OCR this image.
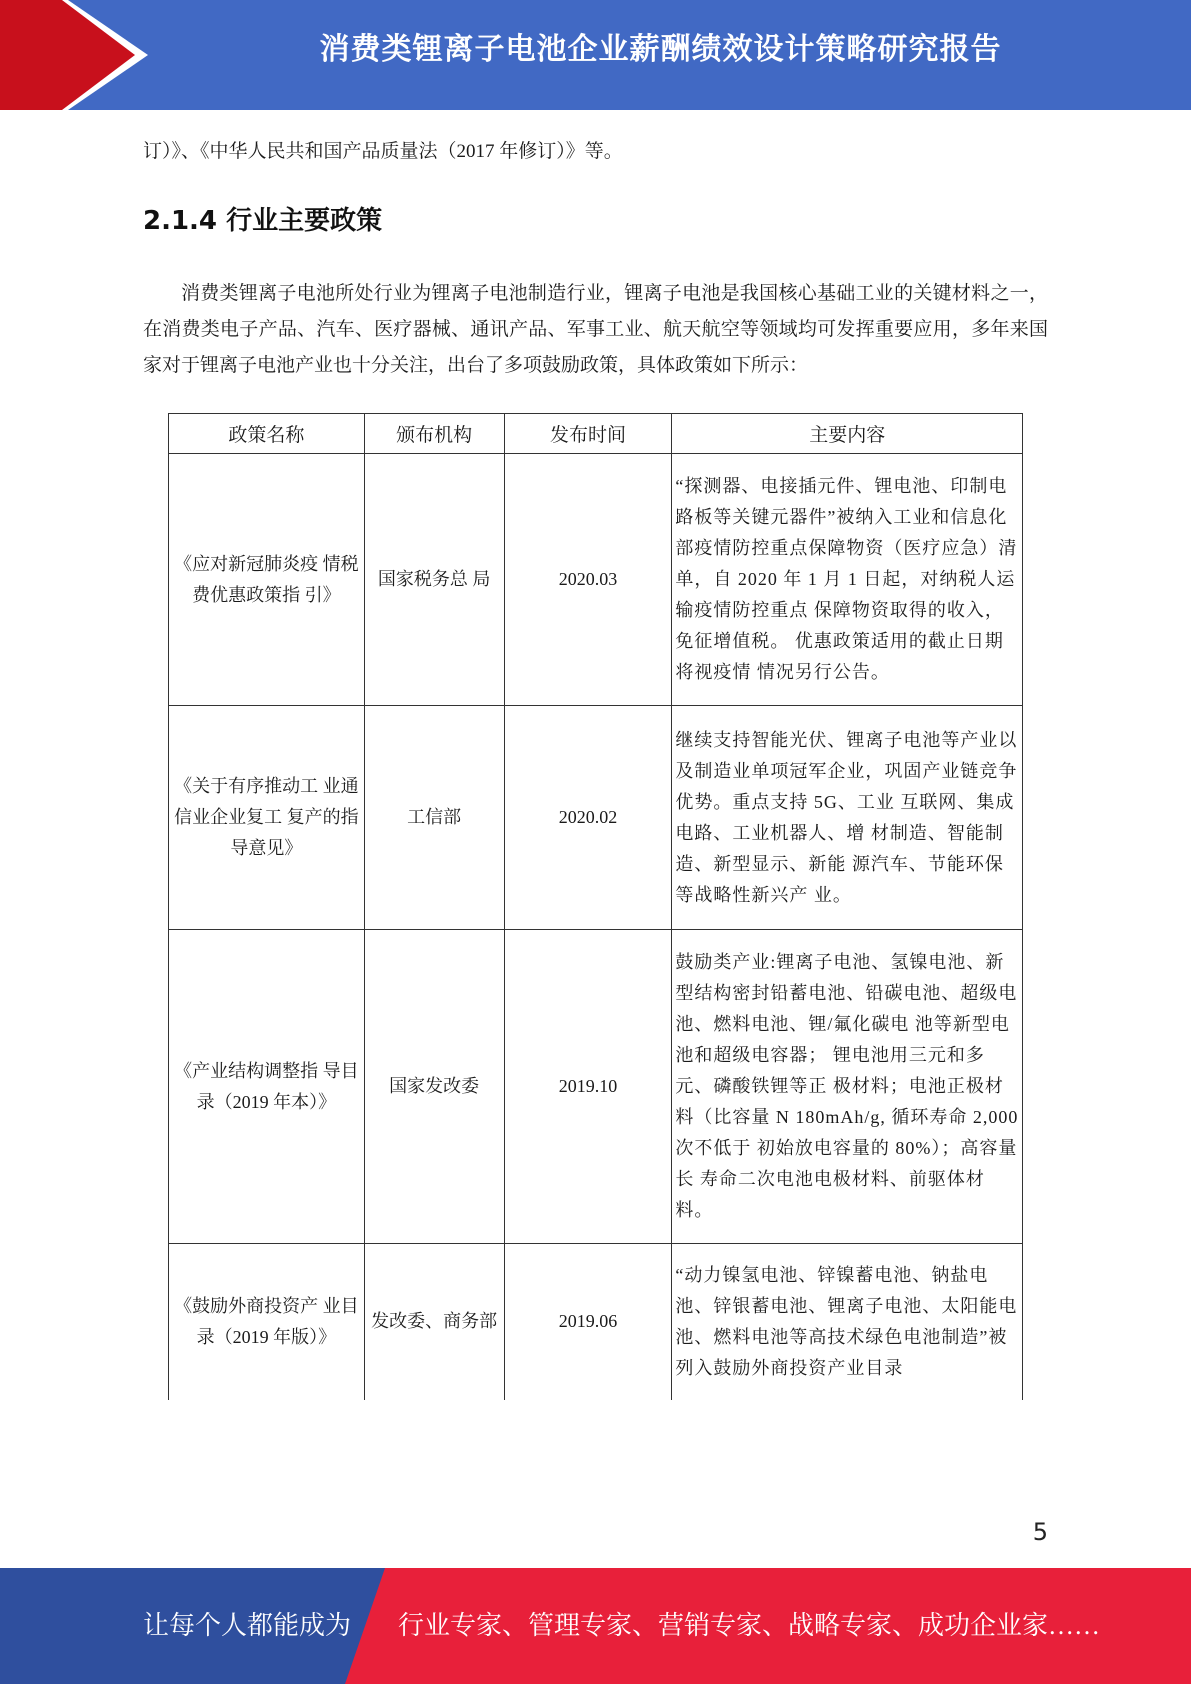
消费类锂离子电池企业薪酬绩效设计策略研究报告
订）》、《中华人民共和国产品质量法（2017 年修订）》等。
2.1.4 行业主要政策
消费类锂离子电池所处行业为锂离子电池制造行业，锂离子电池是我国核心基础工业的关键材料之一，在消费类电子产品、汽车、医疗器械、通讯产品、军事工业、航天航空等领域均可发挥重要应用，多年来国家对于锂离子电池产业也十分关注，出台了多项鼓励政策，具体政策如下所示：
政策名称	颁布机构	发布时间	主要内容
《应对新冠肺炎疫 情税费优惠政策指 引》	国家税务总 局	2020.03	“探测器、电接插元件、锂电池、印制电路板等关键元器件”被纳入工业和信息化部疫情防控重点保障物资（医疗应急）清单，自 2020 年 1 月 1 日起，对纳税人运输疫情防控重点 保障物资取得的收入，免征增值税。 优惠政策适用的截止日期将视疫情 情况另行公告。
《关于有序推动工 业通信业企业复工 复产的指导意见》	工信部	2020.02	继续支持智能光伏、锂离子电池等产业以及制造业单项冠军企业，巩固产业链竞争优势。重点支持 5G、工业 互联网、集成电路、工业机器人、增 材制造、智能制造、新型显示、新能 源汽车、节能环保等战略性新兴产 业。
《产业结构调整指 导目录（2019 年本）》	国家发改委	2019.10	鼓励类产业:锂离子电池、氢镍电池、新型结构密封铅蓄电池、铅碳电池、超级电池、燃料电池、锂/氟化碳电 池等新型电池和超级电容器； 锂电池用三元和多元、磷酸铁锂等正 极材料；电池正极材料（比容量 N 180mAh/g, 循环寿命 2,000 次不低于 初始放电容量的 80%）；高容量长 寿命二次电池电极材料、前驱体材 料。
《鼓励外商投资产 业目录（2019 年版）》	发改委、商务部	2019.06	“动力镍氢电池、锌镍蓄电池、钠盐电池、锌银蓄电池、锂离子电池、太阳能电池、燃料电池等高技术绿色电池制造”被列入鼓励外商投资产业目录
5
让每个人都能成为 行业专家、管理专家、营销专家、战略专家、成功企业家……
